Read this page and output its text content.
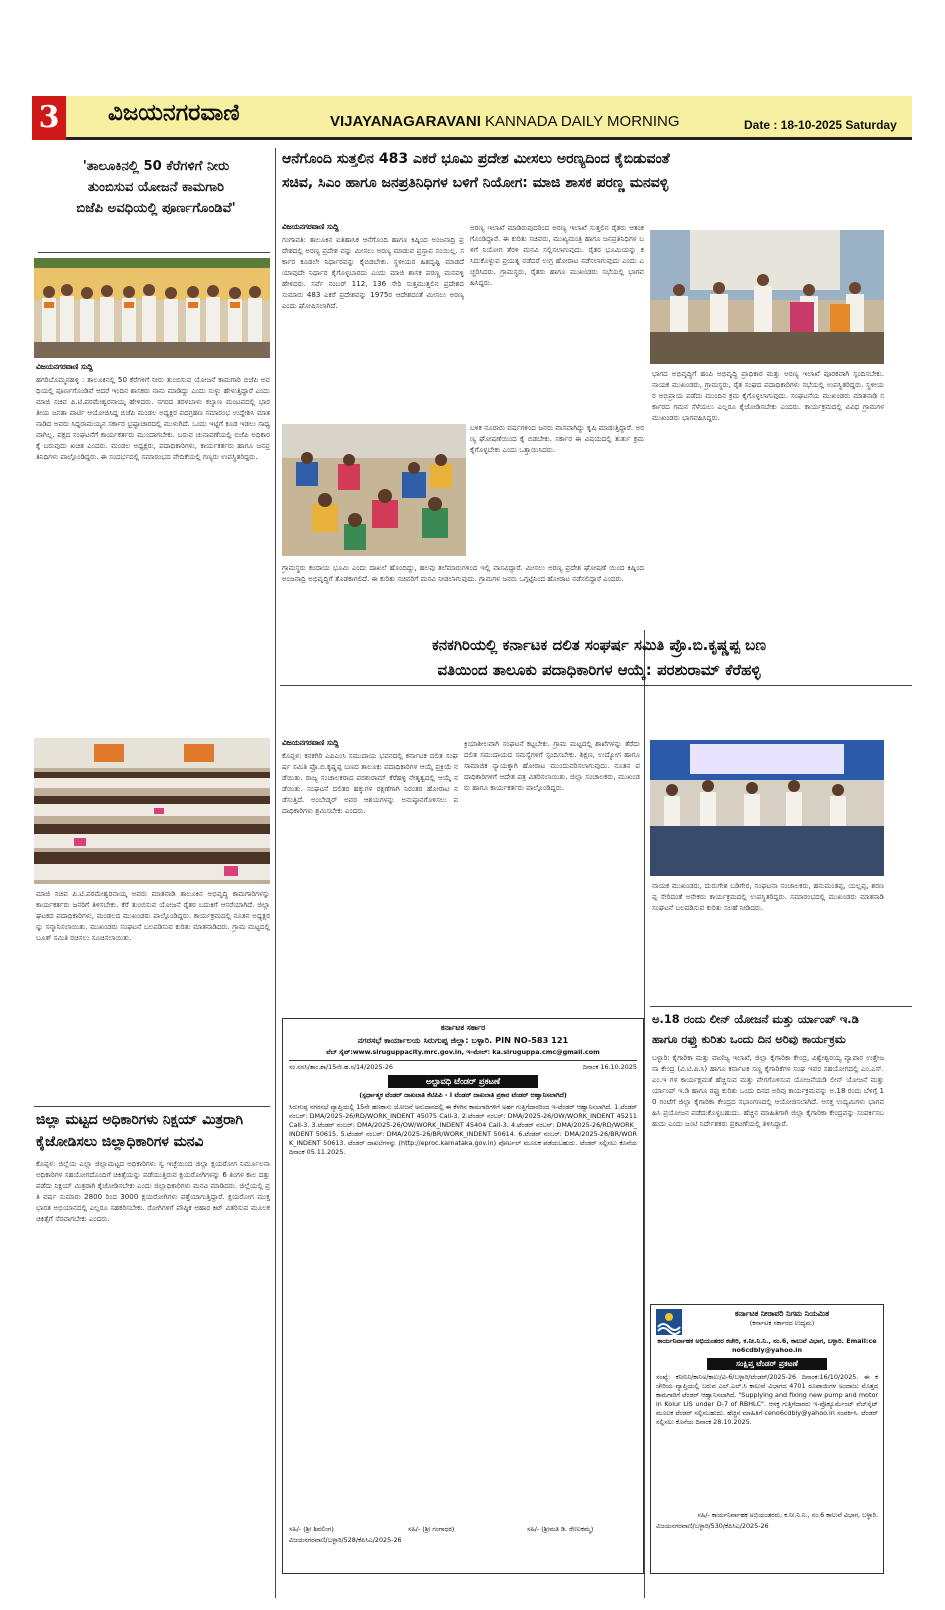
3 ವಿಜಯನಗರವಾಣಿ	VIJAYANAGARAVANI KANNADA DAILY MORNING	Date : 18-10-2025 Saturday
'ತಾಲೂಕಿನಲ್ಲಿ 50 ಕೆರೆಗಳಿಗೆ ನೀರು
ತುಂಬಿಸುವ ಯೋಜನೆ ಕಾಮಗಾರಿ
ಬಿಜೆಪಿ ಅವಧಿಯಲ್ಲಿ ಪೂರ್ಣಗೊಂಡಿವೆ'
ವಿಜಯನಗರವಾಣಿ ಸುದ್ದಿ
ಹಗರಿಬೊಮ್ಮನಹಳ್ಳಿ : ತಾಲೂಕಿನಲ್ಲಿ 50 ಕೆರೆಗಳಿಗೆ ನೀರು ತುಂಬಿಸುವ ಯೋಜನೆ ಕಾಮಗಾರಿ ಬಿಜೆಪಿ ಅವಧಿಯಲ್ಲಿ ಪೂರ್ಣಗೊಂಡಿವೆ ಆದರೆ ಇಂದಿನ ಶಾಸಕರು ನಾನು ಮಾಡಿದ್ದು ಎಂದು ಸುಳ್ಳು ಹೇಳುತ್ತಿದ್ದಾರೆ ಎಂದು ಮಾಜಿ ಸಚಿವ ಪಿ.ಟಿ.ಪರಮೇಶ್ವರನಾಯ್ಕ ಹೇಳಿದರು. ನಗರದ ತರಳಬಾಳು ಕಲ್ಯಾಣ ಮಂಟಪದಲ್ಲಿ ಭಾರತೀಯ ಜನತಾ ಪಾರ್ಟಿ ಆಯೋಜಿಸಿದ್ದ ಬಿಜೆಪಿ ಮಂಡಲ ಅಧ್ಯಕ್ಷರ ಪದಗ್ರಹಣ ಸಮಾರಂಭ ಉದ್ದೇಶಿಸಿ ಮಾತನಾಡಿದ ಅವರು ಸಿದ್ದರಾಮಯ್ಯನ ಸರ್ಕಾರ ಭ್ರಷ್ಟಾಚಾರದಲ್ಲಿ ಮುಳುಗಿದೆ. ಒಂದು ಇಟ್ಟಿಗೆ ಕೂಡ ಇಡಲು ಸಾಧ್ಯವಾಗಿಲ್ಲ. ಪಕ್ಷದ ಸಂಘಟನೆಗೆ ಕಾರ್ಯಕರ್ತರು ಮುಂದಾಗಬೇಕು. ಬರುವ ಚುನಾವಣೆಯಲ್ಲಿ ಬಿಜೆಪಿ ಅಧಿಕಾರಕ್ಕೆ ಬರುವುದು ಖಚಿತ ಎಂದರು. ಮಂಡಲ ಅಧ್ಯಕ್ಷರು, ಪದಾಧಿಕಾರಿಗಳು, ಕಾರ್ಯಕರ್ತರು ಹಾಗೂ ಜನಪ್ರತಿನಿಧಿಗಳು ಪಾಲ್ಗೊಂಡಿದ್ದರು. ಈ ಸಂದರ್ಭದಲ್ಲಿ ಸಮಾರಂಭದ ವೇದಿಕೆಯಲ್ಲಿ ಗಣ್ಯರು ಉಪಸ್ಥಿತರಿದ್ದರು.
ಮಾಜಿ ಸಚಿವ ಪಿ.ಟಿ.ಪರಮೇಶ್ವರನಾಯ್ಕ ಅವರು ಮಾತನಾಡಿ ತಾಲೂಕಿನ ಅಭಿವೃದ್ಧಿ ಕಾಮಗಾರಿಗಳನ್ನು ಕಾರ್ಯಕರ್ತರು ಜನರಿಗೆ ತಿಳಿಸಬೇಕು. ಕೆರೆ ತುಂಬಿಸುವ ಯೋಜನೆ ರೈತರ ಬದುಕಿಗೆ ಆಸರೆಯಾಗಿದೆ. ಜಿಲ್ಲಾ ಘಟಕದ ಪದಾಧಿಕಾರಿಗಳು, ಮಂಡಲದ ಮುಖಂಡರು ಪಾಲ್ಗೊಂಡಿದ್ದರು. ಕಾರ್ಯಕ್ರಮದಲ್ಲಿ ನೂತನ ಅಧ್ಯಕ್ಷರನ್ನು ಸನ್ಮಾನಿಸಲಾಯಿತು. ಮುಖಂಡರು ಸಂಘಟನೆ ಬಲಪಡಿಸುವ ಕುರಿತು ಮಾತನಾಡಿದರು. ಗ್ರಾಮ ಮಟ್ಟದಲ್ಲಿ ಬೂತ್ ಸಮಿತಿ ರಚಿಸಲು ಸೂಚಿಸಲಾಯಿತು.
ಜಿಲ್ಲಾ ಮಟ್ಟದ ಅಧಿಕಾರಿಗಳು ನಿಕ್ಷಯ್ ಮಿತ್ರರಾಗಿ
ಕೈಜೋಡಿಸಲು ಜಿಲ್ಲಾಧಿಕಾರಿಗಳ ಮನವಿ
ಕೊಪ್ಪಳ: ಜಿಲ್ಲೆಯ ಎಲ್ಲಾ ಜಿಲ್ಲಾಮಟ್ಟದ ಅಧಿಕಾರಿಗಳು ಸ್ವ ಇಚ್ಛೆಯಿಂದ ಜಿಲ್ಲಾ ಕ್ಷಯರೋಗ ನಿರ್ಮೂಲನಾ ಅಧಿಕಾರಿಗಳ ಸಹಯೋಗದೊಂದಿಗೆ ಚಿಕಿತ್ಸೆಯನ್ನು ಪಡೆಯುತ್ತಿರುವ ಕ್ಷಯರೋಗಿಗಳನ್ನು 6 ತಿಂಗಳ ಕಾಲ ದತ್ತು ಪಡೆದು ನಿಕ್ಷಯ್ ಮಿತ್ರರಾಗಿ ಕೈಜೋಡಿಸಬೇಕು ಎಂದು ಜಿಲ್ಲಾಧಿಕಾರಿಗಳು ಮನವಿ ಮಾಡಿದರು. ಜಿಲ್ಲೆಯಲ್ಲಿ ಪ್ರತಿ ವರ್ಷ ಸುಮಾರು 2800 ರಿಂದ 3000 ಕ್ಷಯರೋಗಿಗಳು ಪತ್ತೆಯಾಗುತ್ತಿದ್ದಾರೆ. ಕ್ಷಯರೋಗ ಮುಕ್ತ ಭಾರತ ಅಭಿಯಾನದಲ್ಲಿ ಎಲ್ಲರೂ ಸಹಕರಿಸಬೇಕು. ರೋಗಿಗಳಿಗೆ ಪೌಷ್ಠಿಕ ಆಹಾರ ಕಿಟ್ ವಿತರಿಸುವ ಮೂಲಕ ಚಿಕಿತ್ಸೆಗೆ ನೆರವಾಗಬೇಕು ಎಂದರು.
ಆನೆಗೊಂದಿ ಸುತ್ತಲಿನ 483 ಎಕರೆ ಭೂಮಿ ಪ್ರದೇಶ ಮೀಸಲು ಅರಣ್ಯದಿಂದ ಕೈಬಿಡುವಂತೆ
ಸಚಿವ, ಸಿಎಂ ಹಾಗೂ ಜನಪ್ರತಿನಿಧಿಗಳ ಬಳಿಗೆ ನಿಯೋಗ: ಮಾಜಿ ಶಾಸಕ ಪರಣ್ಣ ಮನವಳ್ಳಿ
ವಿಜಯನಗರವಾಣಿ ಸುದ್ದಿ
ಗಂಗಾವತಿ: ತಾಲೂಕಿನ ಐತಿಹಾಸಿಕ ಆನೆಗೊಂದಿ ಹಾಗೂ ಕಿಷ್ಕಿಂದ ಅಂಜನಾದ್ರಿ ಪ್ರದೇಶದಲ್ಲಿ ಅರಣ್ಯ ಪ್ರದೇಶ ವನ್ನು ಮೀಸಲು ಅರಣ್ಯ ಮಾಡುವ ಪ್ರಸ್ತಾಪ ಸಂಯಿಲ್ಲ. ಸರ್ಕಾರ ಕೂಡಲೇ ನಿರ್ಧಾರವನ್ನು ಕೈಬಿಡಬೇಕು. ಸ್ಥಳೀಯರ ಹಿತದೃಷ್ಟಿ ಮಾಡದೆ ಯಾವುದೇ ನಿರ್ಧಾರ ಕೈಗೊಳ್ಳಬಾರದು ಎಂದು ಮಾಜಿ ಶಾಸಕ ಪರಣ್ಣ ಮನವಳ್ಳಿ ಹೇಳಿದರು. ಸರ್ವೆ ನಂಬರ್ 112, 136 ಸೇರಿ ಸುತ್ತಮುತ್ತಲಿನ ಪ್ರದೇಶದ ಸುಮಾರು 483 ಎಕರೆ ಪ್ರದೇಶವನ್ನು 1975ರ ಆದೇಶದಂತೆ ಮೀಸಲು ಅರಣ್ಯ ಎಂದು ಘೋಷಿಸಲಾಗಿದೆ.
ಅರಣ್ಯ ಇಲಾಖೆ ಮಾಡಿರುವುದರಿಂದ ಅರಣ್ಯ ಇಲಾಖೆ ಸುತ್ತಲಿನ ರೈತರು ಆತಂಕಗೊಂಡಿದ್ದಾರೆ. ಈ ಕುರಿತು ಸಚಿವರು, ಮುಖ್ಯಮಂತ್ರಿ ಹಾಗೂ ಜನಪ್ರತಿನಿಧಿಗಳ ಬಳಿಗೆ ನಿಯೋಗ ತೆರಳಿ ಮನವಿ ಸಲ್ಲಿಸಲಾಗುವುದು. ರೈತರ ಭೂಮಿಯನ್ನು ಕಸಿದುಕೊಳ್ಳುವ ಪ್ರಯತ್ನ ನಡೆದರೆ ಉಗ್ರ ಹೋರಾಟ ನಡೆಸಲಾಗುವುದು ಎಂದು ಎಚ್ಚರಿಸಿದರು. ಗ್ರಾಮಸ್ಥರು, ರೈತರು ಹಾಗೂ ಮುಖಂಡರು ಸಭೆಯಲ್ಲಿ ಭಾಗವಹಿಸಿದ್ದರು.
ಬಳಿಕ ನೂರಾರು ವರ್ಷಗಳಿಂದ ಜನರು ವಾಸವಾಗಿದ್ದು ಕೃಷಿ ಮಾಡುತ್ತಿದ್ದಾರೆ. ಅರಣ್ಯ ಘೋಷಣೆಯಿಂದ ಕೈ ಬಿಡಬೇಕು. ಸರ್ಕಾರ ಈ ವಿಷಯದಲ್ಲಿ ತುರ್ತು ಕ್ರಮ ಕೈಗೊಳ್ಳಬೇಕು ಎಂದು ಒತ್ತಾಯಿಸಿದರು.
ಗ್ರಾಮಸ್ಥರು ಕಂದಾಯ ಭೂಮಿ ಎಂದು ದಾಖಲೆ ಹೊಂದಿದ್ದು, ಹಲವು ತಲೆಮಾರುಗಳಿಂದ ಇಲ್ಲಿ ವಾಸವಿದ್ದಾರೆ. ಮೀಸಲು ಅರಣ್ಯ ಪ್ರದೇಶ ಘೋಷಣೆ ಯಿಂದ ಕಿಷ್ಕಿಂದ ಅಂಜನಾದ್ರಿ ಅಭಿವೃದ್ಧಿಗೆ ತೊಡಕಾಗಲಿದೆ. ಈ ಕುರಿತು ಸಚಿವರಿಗೆ ಮನವಿ ನೀಡಲಾಗುವುದು. ಗ್ರಾಮಗಳ ಜನರು ಒಗ್ಗಟ್ಟಿನಿಂದ ಹೋರಾಟ ನಡೆಸಲಿದ್ದಾರೆ ಎಂದರು.
ಭಾಗದ ಅಭಿವೃದ್ಧಿಗೆ ಹಂಪಿ ಅಭಿವೃದ್ಧಿ ಪ್ರಾಧಿಕಾರ ಮತ್ತು ಅರಣ್ಯ ಇಲಾಖೆ ಪೂರಕವಾಗಿ ಸ್ಪಂದಿಸಬೇಕು. ನಾಯಕ ಮುಖಂಡರು, ಗ್ರಾಮಸ್ಥರು, ರೈತ ಸಂಘದ ಪದಾಧಿಕಾರಿಗಳು ಸಭೆಯಲ್ಲಿ ಉಪಸ್ಥಿತರಿದ್ದರು. ಸ್ಥಳೀಯರ ಅಭಿಪ್ರಾಯ ಪಡೆದು ಮುಂದಿನ ಕ್ರಮ ಕೈಗೊಳ್ಳಲಾಗುವುದು. ಸಂಘಟನೆಯ ಮುಖಂಡರು ಮಾತನಾಡಿ ಸರ್ಕಾರದ ಗಮನ ಸೆಳೆಯಲು ಎಲ್ಲರೂ ಕೈಜೋಡಿಸಬೇಕು ಎಂದರು. ಕಾರ್ಯಕ್ರಮದಲ್ಲಿ ವಿವಿಧ ಗ್ರಾಮಗಳ ಮುಖಂಡರು ಭಾಗವಹಿಸಿದ್ದರು.
ಕನಕಗಿರಿಯಲ್ಲಿ ಕರ್ನಾಟಕ ದಲಿತ ಸಂಘರ್ಷ ಸಮಿತಿ ಪ್ರೊ.ಬಿ.ಕೃಷ್ಣಪ್ಪ ಬಣ
ವತಿಯಿಂದ ತಾಲೂಕು ಪದಾಧಿಕಾರಿಗಳ ಆಯ್ಕೆ: ಪರಶುರಾಮ್ ಕೆರೆಹಳ್ಳಿ
ವಿಜಯನಗರವಾಣಿ ಸುದ್ದಿ
ಕೊಪ್ಪಳ: ಕನಕಗಿರಿ ಎಪಿಎಂಸಿ ಸಮುದಾಯ ಭವನದಲ್ಲಿ ಕರ್ನಾಟಕ ದಲಿತ ಸಂಘರ್ಷ ಸಮಿತಿ ಪ್ರೊ.ಬಿ.ಕೃಷ್ಣಪ್ಪ ಬಣದ ತಾಲೂಕು ಪದಾಧಿಕಾರಿಗಳ ಆಯ್ಕೆ ಪ್ರಕ್ರಿಯೆ ನಡೆಯಿತು. ರಾಜ್ಯ ಸಂಚಾಲಕರಾದ ಪರಶುರಾಮ್ ಕೆರೆಹಳ್ಳಿ ನೇತೃತ್ವದಲ್ಲಿ ಆಯ್ಕೆ ನಡೆಯಿತು. ಸಂಘಟನೆ ದಲಿತರ ಹಕ್ಕುಗಳ ರಕ್ಷಣೆಗಾಗಿ ನಿರಂತರ ಹೋರಾಟ ನಡೆಸುತ್ತಿದೆ. ಅಂಬೇಡ್ಕರ್ ಅವರ ಆಶಯಗಳನ್ನು ಅನುಷ್ಠಾನಗೊಳಿಸಲು ಪದಾಧಿಕಾರಿಗಳು ಶ್ರಮಿಸಬೇಕು ಎಂದರು.
ಕ್ರಿಯಾಶೀಲವಾಗಿ ಸಂಘಟನೆ ಕಟ್ಟಬೇಕು. ಗ್ರಾಮ ಮಟ್ಟದಲ್ಲಿ ಶಾಖೆಗಳನ್ನು ತೆರೆದು ದಲಿತ ಸಮುದಾಯದ ಸಮಸ್ಯೆಗಳಿಗೆ ಸ್ಪಂದಿಸಬೇಕು. ಶಿಕ್ಷಣ, ಉದ್ಯೋಗ ಹಾಗೂ ಸಾಮಾಜಿಕ ನ್ಯಾಯಕ್ಕಾಗಿ ಹೋರಾಟ ಮುಂದುವರಿಸಲಾಗುವುದು. ನೂತನ ಪದಾಧಿಕಾರಿಗಳಿಗೆ ಆದೇಶ ಪತ್ರ ವಿತರಿಸಲಾಯಿತು. ಜಿಲ್ಲಾ ಸಂಚಾಲಕರು, ಮುಖಂಡರು ಹಾಗೂ ಕಾರ್ಯಕರ್ತರು ಪಾಲ್ಗೊಂಡಿದ್ದರು.
ನಾಯಕ ಮುಖಂಡರು, ದುರುಗೇಶ ಬಡಿಗೇರ, ಸಂಘಟನಾ ಸಂಚಾಲಕರು, ಹನುಮಂತಪ್ಪ, ಯಲ್ಲಪ್ಪ, ಶರಣಪ್ಪ ಸೇರಿದಂತೆ ಅನೇಕರು ಕಾರ್ಯಕ್ರಮದಲ್ಲಿ ಉಪಸ್ಥಿತರಿದ್ದರು. ಸಮಾರಂಭದಲ್ಲಿ ಮುಖಂಡರು ಮಾತನಾಡಿ ಸಂಘಟನೆ ಬಲಪಡಿಸುವ ಕುರಿತು ಸಲಹೆ ನೀಡಿದರು.
ಅ.18 ರಂದು ಲೀನ್ ಯೋಜನೆ ಮತ್ತು ರ್ಯಾಂಪ್ ಇ.ಡಿ
ಹಾಗೂ ರಫ್ತು ಕುರಿತು ಒಂದು ದಿನ ಅರಿವು ಕಾರ್ಯಕ್ರಮ
ಬಳ್ಳಾರಿ: ಕೈಗಾರಿಕಾ ಮತ್ತು ವಾಣಿಜ್ಯ ಇಲಾಖೆ, ಜಿಲ್ಲಾ ಕೈಗಾರಿಕಾ ಕೇಂದ್ರ, ವಿಶ್ವೇಶ್ವರಯ್ಯ ವ್ಯಾಪಾರ ಉತ್ತೇಜನಾ ಕೇಂದ್ರ (ವಿ.ಟಿ.ಪಿ.ಸಿ) ಹಾಗೂ ಕರ್ನಾಟಕ ಸಣ್ಣ ಕೈಗಾರಿಕೆಗಳ ಸಂಘ ಇವರ ಸಹಯೋಗದಲ್ಲಿ ಎಂ.ಎಸ್.ಎಂ.ಇ ಗಳ ಕಾರ್ಯಕ್ಷಮತೆ ಹೆಚ್ಚಿಸುವ ಮತ್ತು ವೇಗಗೊಳಿಸುವ ಯೋಜನೆಯಡಿ ಲೀನ್ ಯೋಜನೆ ಮತ್ತು ರ್ಯಾಂಪ್ ಇ.ಡಿ ಹಾಗೂ ರಫ್ತು ಕುರಿತು ಒಂದು ದಿನದ ಅರಿವು ಕಾರ್ಯಕ್ರಮವನ್ನು ಅ.18 ರಂದು ಬೆಳಿಗ್ಗೆ 10 ಗಂಟೆಗೆ ಜಿಲ್ಲಾ ಕೈಗಾರಿಕಾ ಕೇಂದ್ರದ ಸಭಾಂಗಣದಲ್ಲಿ ಆಯೋಜಿಸಲಾಗಿದೆ. ಆಸಕ್ತ ಉದ್ಯಮಿಗಳು ಭಾಗವಹಿಸಿ ಪ್ರಯೋಜನ ಪಡೆದುಕೊಳ್ಳಬಹುದು. ಹೆಚ್ಚಿನ ಮಾಹಿತಿಗಾಗಿ ಜಿಲ್ಲಾ ಕೈಗಾರಿಕಾ ಕೇಂದ್ರವನ್ನು ಸಂಪರ್ಕಿಸಬಹುದು ಎಂದು ಜಂಟಿ ನಿರ್ದೇಶಕರು ಪ್ರಕಟಣೆಯಲ್ಲಿ ತಿಳಿಸಿದ್ದಾರೆ.
ಕರ್ನಾಟಕ ಸರ್ಕಾರ
ನಗರಸಭೆ ಕಾರ್ಯಾಲಯ ಸಿರುಗುಪ್ಪ ಜಿಲ್ಲಾ: ಬಳ್ಳಾರಿ. PIN NO-583 121
ವೆಬ್ ಸೈಟ್:www.siruguppacity.mrc.gov.in, ಇ-ಮೇಲ್: ka.siruguppa.cmc@gmail.com
ಸಂ.ನಸಸಿ/ತಾಂ.ಶಾ/15ನೇ.ಹ.ಸ/14/2025-26	ದಿನಾಂಕ 16.10.2025
ಅಲ್ಪಾವಧಿ ಟೆಂಡರ್ ಪ್ರಕಟಣೆ
(ಸ್ಪರ್ಧಾತ್ಮಕ ಟೆಂಡರ್ ದಾಖಲಾತಿ ಕೆಟಿಪಿಪಿ - I ಟೆಂಡರ್ ದಾಖಲಾತಿ ಪ್ರಕಾರ ಟೆಂಡರ್ ಆಹ್ವಾನಿಸಲಾಗಿದೆ)
ಸಿರುಗುಪ್ಪ ನಗರಸಭೆ ವ್ಯಾಪ್ತಿಯಲ್ಲಿ 15ನೇ ಹಣಕಾಸು ಯೋಜನೆ ಅನುದಾನದಲ್ಲಿ ಈ ಕೆಳಗಿನ ಕಾಮಗಾರಿಗಳಿಗೆ ಅರ್ಹ ಗುತ್ತಿಗೆದಾರರಿಂದ ಇ-ಟೆಂಡರ್ ಆಹ್ವಾನಿಸಲಾಗಿದೆ. 1.ಟೆಂಡರ್ ನಂಬರ್: DMA/2025-26/RD/WORK_INDENT 45075 Call-3. 2.ಟೆಂಡರ್ ನಂಬರ್: DMA/2025-26/OW/WORK_INDENT 45211 Call-3. 3.ಟೆಂಡರ್ ನಂಬರ್: DMA/2025-26/OW/WORK_INDENT 45404 Call-3. 4.ಟೆಂಡರ್ ನಂಬರ್: DMA/2025-26/RD/WORK_INDENT 50615. 5.ಟೆಂಡರ್ ನಂಬರ್: DMA/2025-26/BR/WORK_INDENT 50614. 6.ಟೆಂಡರ್ ನಂಬರ್: DMA/2025-26/BR/WORK_INDENT 50613. ಟೆಂಡರ್ ದಾಖಲೆಗಳನ್ನು (http://eproc.karnataka.gov.in) ಪೋರ್ಟಲ್ ಮೂಲಕ ಪಡೆಯಬಹುದು. ಟೆಂಡರ್ ಸಲ್ಲಿಸಲು ಕೊನೆಯ ದಿನಾಂಕ 05.11.2025.
ಸಹಿ/- (ಶ್ರೀ ಶಿವಲಿಂಗ)	ಸಹಿ/- (ಶ್ರೀ ಗಂಗಾಧರ)	ಸಹಿ/- (ಶ್ರೀಮತಿ ಡಿ. ರೇಣುಕಮ್ಮ)
ವಿಜಯನಗರವಾಣಿ/ಬಳ್ಳಾರಿ/528/ಕೆಪಿಸಿಎ/2025-26
ಕರ್ನಾಟಕ ನೀರಾವರಿ ನಿಗಮ ನಿಯಮಿತ
(ಕರ್ನಾಟಕ ಸರ್ಕಾರದ ಉದ್ಯಮ)
ಕಾರ್ಯನಿರ್ವಾಹಕ ಅಭಿಯಂತರರ ಕಚೇರಿ, ಕ.ನೀ.ನಿ.ನಿ., ನಂ.6, ಕಾಲುವೆ ವಿಭಾಗ, ಬಳ್ಳಾರಿ. Email:ceno6cdbly@yahoo.in
ಸಂಕ್ಷಿಪ್ತ ಟೆಂಡರ್ ಪ್ರಕಟಣೆ
ಸಂಖ್ಯೆ: ಕನೀನಿನಿ/ಕಾನಿಅ/ಕಾಲು/ವಿ-6/ಬಳ್ಳಾರಿ/ಟೆಂಡರ್/2025-26 ದಿನಾಂಕ:16/10/2025. ಈ ಕಚೇರಿಯ ವ್ಯಾಪ್ತಿಯಲ್ಲಿ ಬರುವ ಎಲ್.ಎಲ್.ಸಿ ಕಾಲುವೆ ವಿಭಾಗದ 4701 ರೂಪಾಯಿಗಳ ಅಂದಾಜು ಮೊತ್ತದ ಕಾಮಗಾರಿಗೆ ಟೆಂಡರ್ ಆಹ್ವಾನಿಸಲಾಗಿದೆ. "Supplying and fixing new pump and motor in Kolur LIS under D-7 of RBHLC". ಆಸಕ್ತ ಗುತ್ತಿಗೆದಾರರು ಇ-ಪ್ರೊಕ್ಯೂರ್ಮೆಂಟ್ ವೆಬ್‌ಸೈಟ್ ಮೂಲಕ ಟೆಂಡರ್ ಸಲ್ಲಿಸಬಹುದು. ಹೆಚ್ಚಿನ ಮಾಹಿತಿಗೆ ceno6cdbly@yahoo.in ಸಂಪರ್ಕಿಸಿ. ಟೆಂಡರ್ ಸಲ್ಲಿಸಲು ಕೊನೆಯ ದಿನಾಂಕ 28.10.2025.
ಸಹಿ/- ಕಾರ್ಯನಿರ್ವಾಹಕ ಅಭಿಯಂತರರು, ಕ.ನೀ.ನಿ.ನಿ., ನಂ.6 ಕಾಲುವೆ ವಿಭಾಗ, ಬಳ್ಳಾರಿ.
ವಿಜಯನಗರವಾಣಿ/ಬಳ್ಳಾರಿ/530/ಕೆಪಿಸಿಎ/2025-26
